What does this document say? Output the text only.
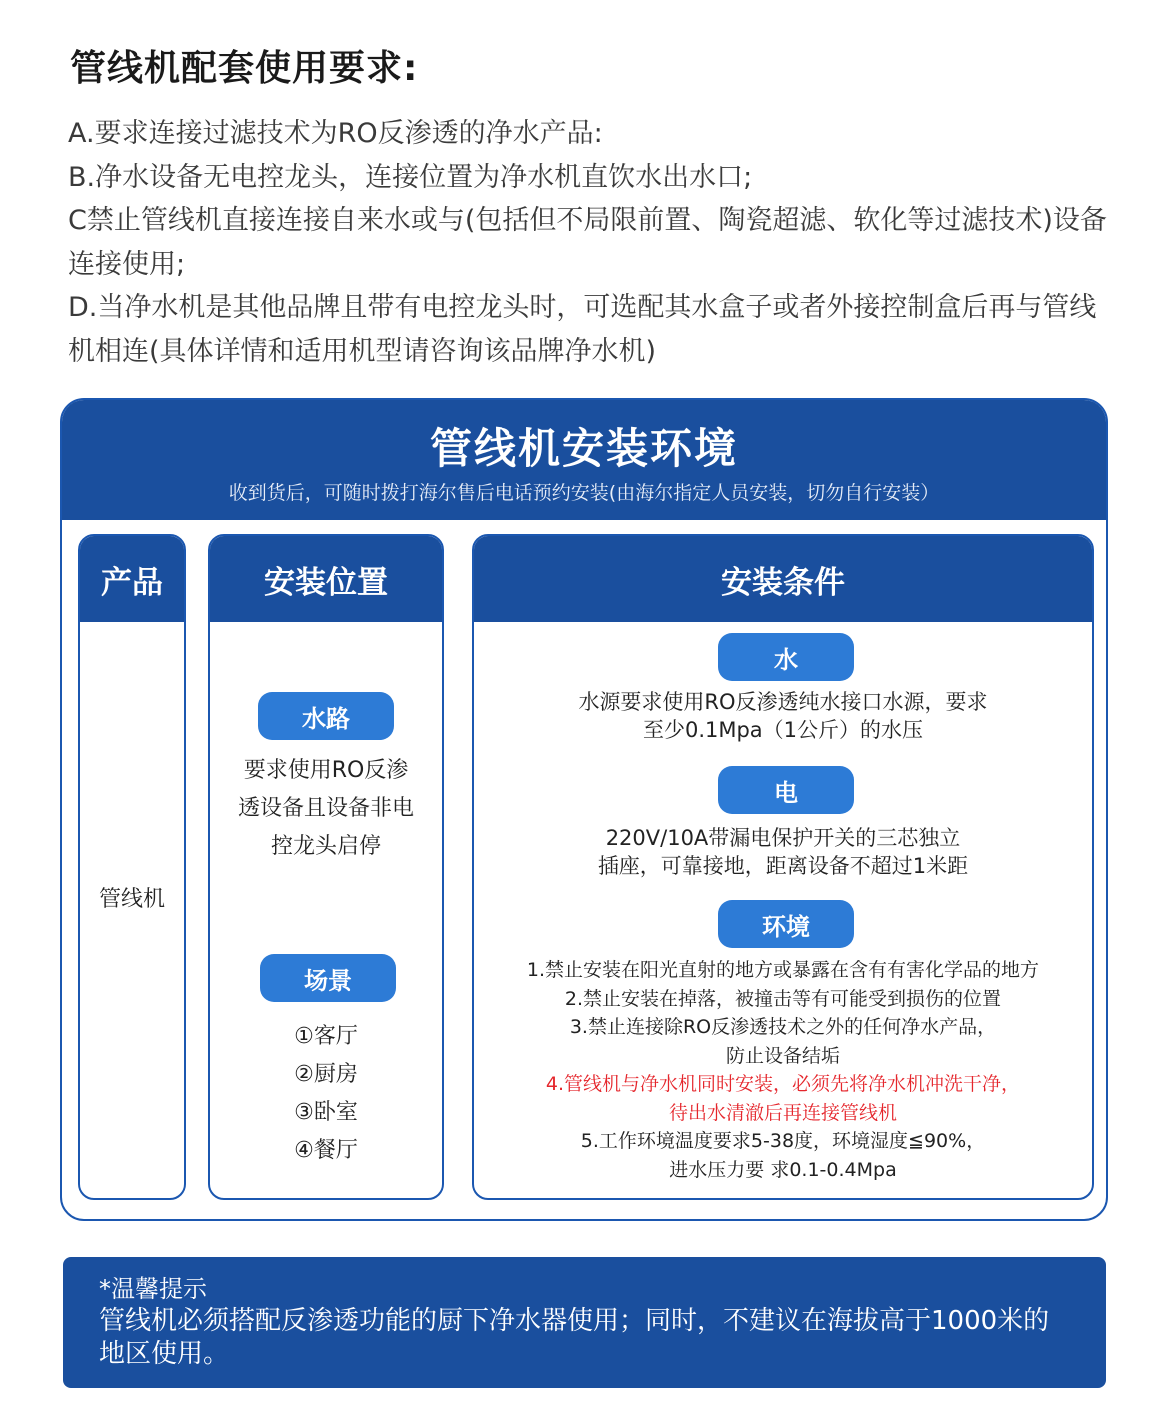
管线机配套使用要求:

A.要求连接过滤技术为RO反渗透的净水产品:

B.净水设备无电控龙头，连接位置为净水机直饮水出水口;

C禁止管线机直接连接自来水或与(包括但不局限前置、陶瓷超滤、软化等过滤技术)设备连接使用;

D.当净水机是其他品牌且带有电控龙头时，可选配其水盒子或者外接控制盒后再与管线机相连(具体详情和适用机型请咨询该品牌净水机)

管线机安装环境
收到货后，可随时拨打海尔售后电话预约安装(由海尔指定人员安装，切勿自行安装）
产品
管线机
安装位置
水路
要求使用RO反渗
透设备且设备非电
控龙头启停
场景
①客厅
②厨房
③卧室
④餐厅
安装条件
水
水源要求使用RO反渗透纯水接口水源，要求
至少0.1Mpa（1公斤）的水压
电
220V/10A带漏电保护开关的三芯独立
插座，可靠接地，距离设备不超过1米距
环境
1.禁止安装在阳光直射的地方或暴露在含有有害化学品的地方
2.禁止安装在掉落，被撞击等有可能受到损伤的位置
3.禁止连接除RO反渗透技术之外的任何净水产品，
防止设备结垢
4.管线机与净水机同时安装，必须先将净水机冲洗干净，
待出水清澈后再连接管线机
5.工作环境温度要求5-38度，环境湿度≦90%，
进水压力要 求0.1-0.4Mpa
*温馨提示
管线机必须搭配反渗透功能的厨下净水器使用；同时，不建议在海拔高于1000米的地区使用。
